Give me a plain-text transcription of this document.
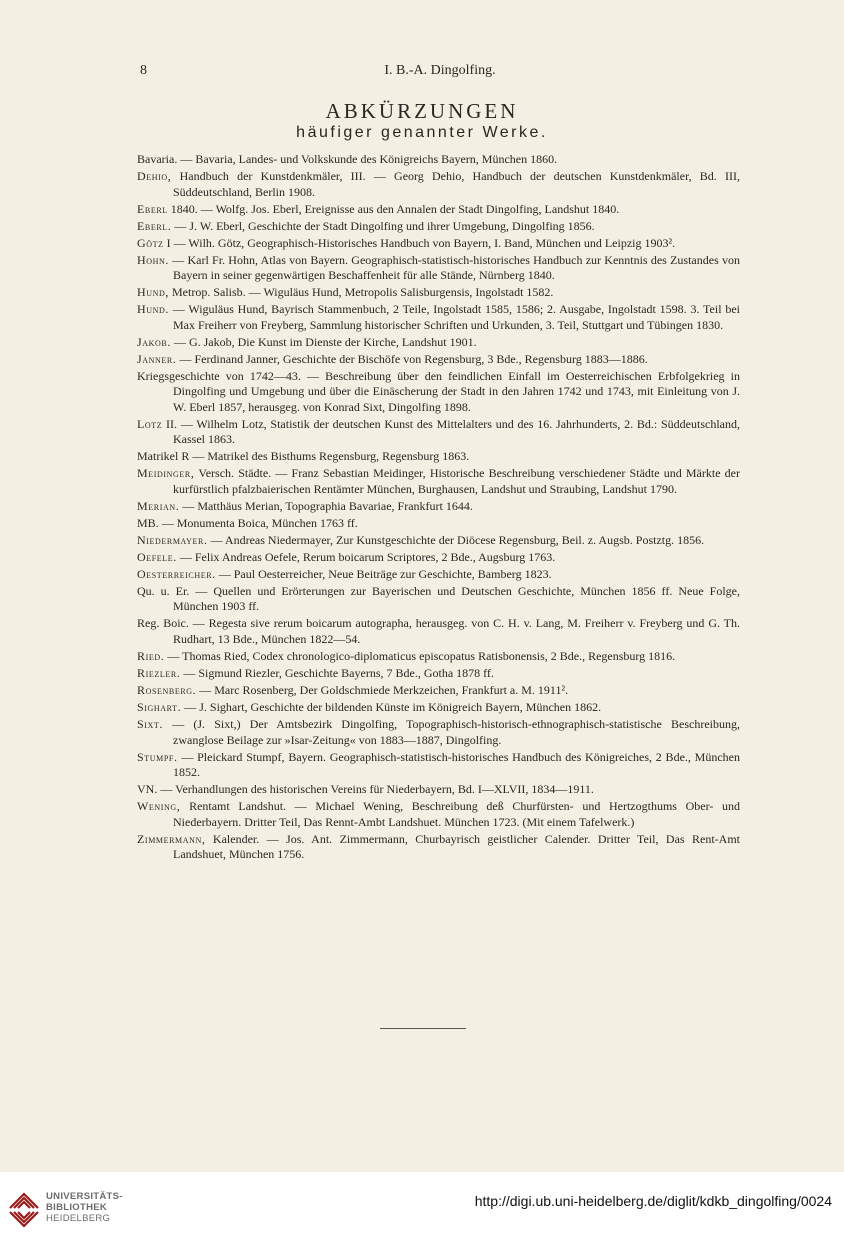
8	I. B.-A. Dingolfing.
ABKÜRZUNGEN
häufiger genannter Werke.

Bavaria. — Bavaria, Landes- und Volkskunde des Königreichs Bayern, München 1860.

Dehio, Handbuch der Kunstdenkmäler, III. — Georg Dehio, Handbuch der deutschen Kunstdenkmäler, Bd. III, Süddeutschland, Berlin 1908.

Eberl 1840. — Wolfg. Jos. Eberl, Ereignisse aus den Annalen der Stadt Dingolfing, Landshut 1840.

Eberl. — J. W. Eberl, Geschichte der Stadt Dingolfing und ihrer Umgebung, Dingolfing 1856.

Götz I — Wilh. Götz, Geographisch-Historisches Handbuch von Bayern, I. Band, München und Leipzig 1903².

Hohn. — Karl Fr. Hohn, Atlas von Bayern. Geographisch-statistisch-historisches Handbuch zur Kenntnis des Zustandes von Bayern in seiner gegenwärtigen Beschaffenheit für alle Stände, Nürnberg 1840.

Hund, Metrop. Salisb. — Wiguläus Hund, Metropolis Salisburgensis, Ingolstadt 1582.

Hund. — Wiguläus Hund, Bayrisch Stammenbuch, 2 Teile, Ingolstadt 1585, 1586; 2. Ausgabe, Ingolstadt 1598. 3. Teil bei Max Freiherr von Freyberg, Sammlung historischer Schriften und Urkunden, 3. Teil, Stuttgart und Tübingen 1830.

Jakob. — G. Jakob, Die Kunst im Dienste der Kirche, Landshut 1901.

Janner. — Ferdinand Janner, Geschichte der Bischöfe von Regensburg, 3 Bde., Regensburg 1883—1886.

Kriegsgeschichte von 1742—43. — Beschreibung über den feindlichen Einfall im Oesterreichischen Erbfolgekrieg in Dingolfing und Umgebung und über die Einäscherung der Stadt in den Jahren 1742 und 1743, mit Einleitung von J. W. Eberl 1857, herausgeg. von Konrad Sixt, Dingolfing 1898.

Lotz II. — Wilhelm Lotz, Statistik der deutschen Kunst des Mittelalters und des 16. Jahrhunderts, 2. Bd.: Süddeutschland, Kassel 1863.

Matrikel R — Matrikel des Bisthums Regensburg, Regensburg 1863.

Meidinger, Versch. Städte. — Franz Sebastian Meidinger, Historische Beschreibung verschiedener Städte und Märkte der kurfürstlich pfalzbaierischen Rentämter München, Burghausen, Landshut und Straubing, Landshut 1790.

Merian. — Matthäus Merian, Topographia Bavariae, Frankfurt 1644.

MB. — Monumenta Boica, München 1763 ff.

Niedermayer. — Andreas Niedermayer, Zur Kunstgeschichte der Diöcese Regensburg, Beil. z. Augsb. Postztg. 1856.

Oefele. — Felix Andreas Oefele, Rerum boicarum Scriptores, 2 Bde., Augsburg 1763.

Oesterreicher. — Paul Oesterreicher, Neue Beiträge zur Geschichte, Bamberg 1823.

Qu. u. Er. — Quellen und Erörterungen zur Bayerischen und Deutschen Geschichte, München 1856 ff. Neue Folge, München 1903 ff.

Reg. Boic. — Regesta sive rerum boicarum autographa, herausgeg. von C. H. v. Lang, M. Freiherr v. Freyberg und G. Th. Rudhart, 13 Bde., München 1822—54.

Ried. — Thomas Ried, Codex chronologico-diplomaticus episcopatus Ratisbonensis, 2 Bde., Regensburg 1816.

Riezler. — Sigmund Riezler, Geschichte Bayerns, 7 Bde., Gotha 1878 ff.

Rosenberg. — Marc Rosenberg, Der Goldschmiede Merkzeichen, Frankfurt a. M. 1911².

Sighart. — J. Sighart, Geschichte der bildenden Künste im Königreich Bayern, München 1862.

Sixt. — (J. Sixt,) Der Amtsbezirk Dingolfing, Topographisch-historisch-ethnographisch-statistische Beschreibung, zwanglose Beilage zur »Isar-Zeitung« von 1883—1887, Dingolfing.

Stumpf. — Pleickard Stumpf, Bayern. Geographisch-statistisch-historisches Handbuch des Königreiches, 2 Bde., München 1852.

VN. — Verhandlungen des historischen Vereins für Niederbayern, Bd. I—XLVII, 1834—1911.

Wening, Rentamt Landshut. — Michael Wening, Beschreibung deß Churfürsten- und Hertzogthums Ober- und Niederbayern. Dritter Teil, Das Rennt-Ambt Landshuet. München 1723. (Mit einem Tafelwerk.)

Zimmermann, Kalender. — Jos. Ant. Zimmermann, Churbayrisch geistlicher Calender. Dritter Teil, Das Rent-Amt Landshuet, München 1756.

UNIVERSITÄTS-
BIBLIOTHEK
HEIDELBERG
http://digi.ub.uni-heidelberg.de/diglit/kdkb_dingolfing/0024
